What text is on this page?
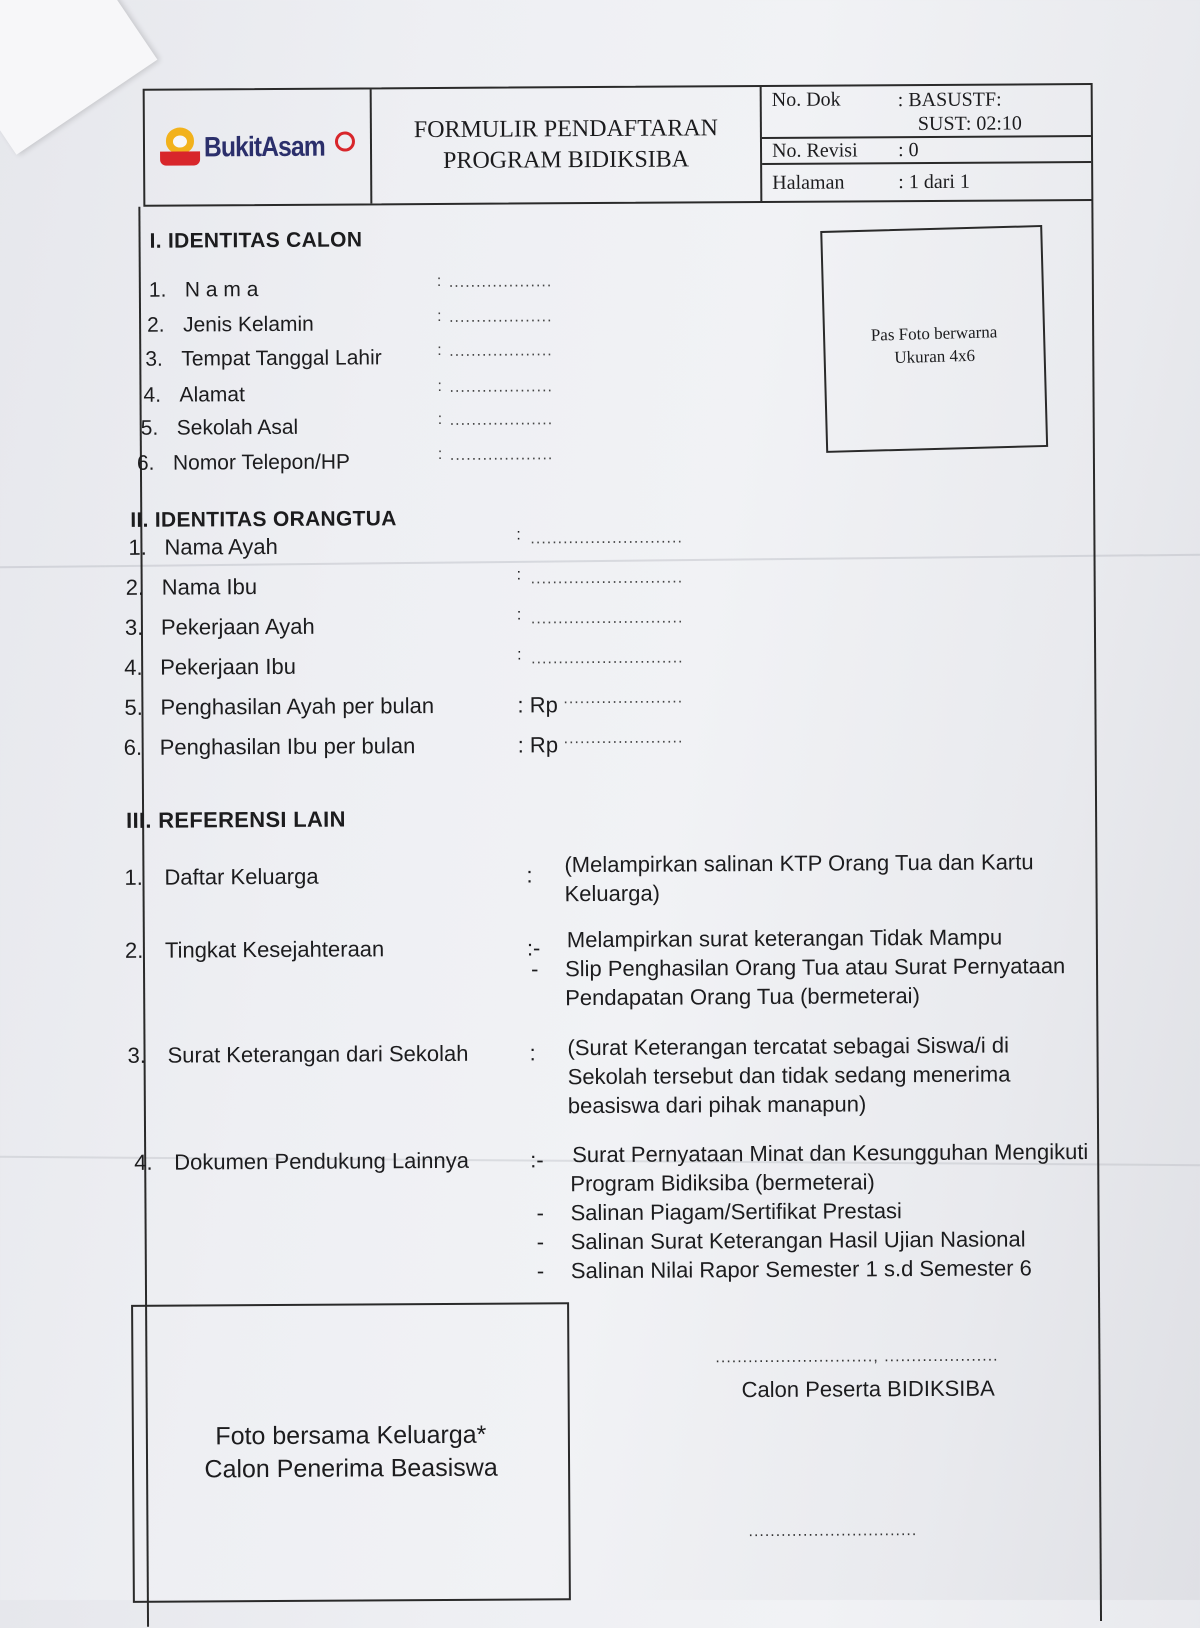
BukitAsam
FORMULIR PENDAFTARAN
PROGRAM BIDIKSIBA
No. Dok	: BASUSTF:
SUST: 02:10
No. Revisi	: 0
Halaman	: 1 dari 1
I. IDENTITAS CALON
1. N a m a	: ...................
2. Jenis Kelamin	: ...................
3. Tempat Tanggal Lahir	: ...................
4. Alamat	: ...................
5. Sekolah Asal	: ...................
6. Nomor Telepon/HP	: ...................
Pas Foto berwarna
Ukuran 4x6
II. IDENTITAS ORANGTUA
1. Nama Ayah	: ............................
2. Nama Ibu	: ............................
3. Pekerjaan Ayah	: ............................
4. Pekerjaan Ibu	: ............................
5. Penghasilan Ayah per bulan	: Rp ......................
6. Penghasilan Ibu per bulan	: Rp ......................
III. REFERENSI LAIN
1. Daftar Keluarga	: (Melampirkan salinan KTP Orang Tua dan Kartu
Keluarga)
2. Tingkat Kesejahteraan	:- Melampirkan surat keterangan Tidak Mampu
-	Slip Penghasilan Orang Tua atau Surat Pernyataan
Pendapatan Orang Tua (bermeterai)
3. Surat Keterangan dari Sekolah	: (Surat Keterangan tercatat sebagai Siswa/i di
Sekolah tersebut dan tidak sedang menerima
beasiswa dari pihak manapun)
4. Dokumen Pendukung Lainnya	:- Surat Pernyataan Minat dan Kesungguhan Mengikuti
Program Bidiksiba (bermeterai)
-	Salinan Piagam/Sertifikat Prestasi
-	Salinan Surat Keterangan Hasil Ujian Nasional
-	Salinan Nilai Rapor Semester 1 s.d Semester 6
Foto bersama Keluarga*
Calon Penerima Beasiswa
............................., .....................
Calon Peserta BIDIKSIBA
...............................
